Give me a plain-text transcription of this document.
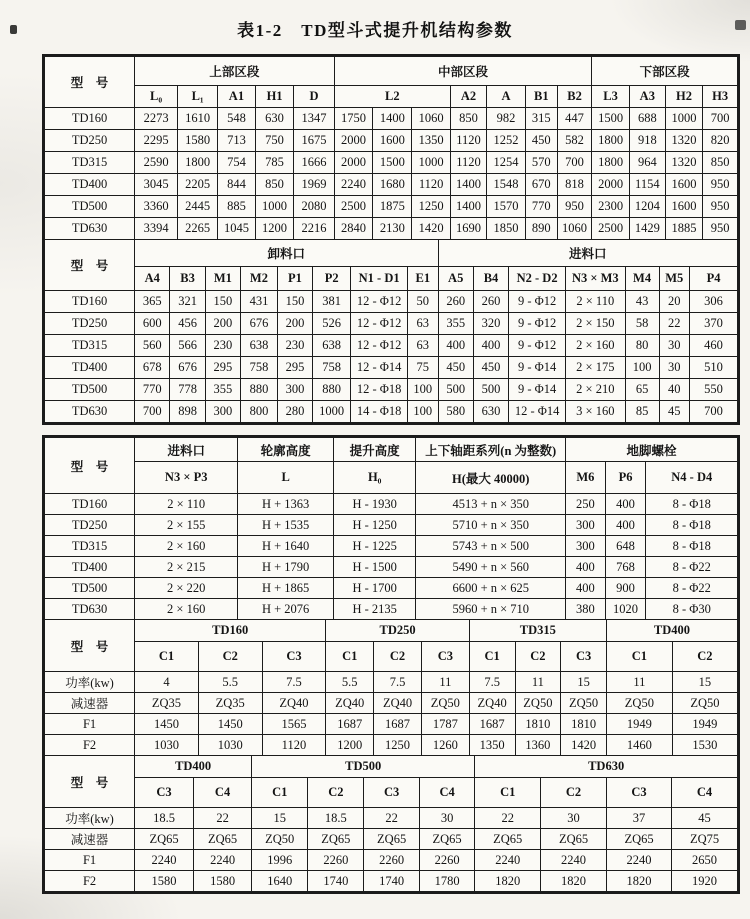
表1-2　TD型斗式提升机结构参数
型　号	上部区段					中部区段							下部区段			
	L₀	L₁	A1	H1	D	L2			A2	A	B1	B2	L3	A3	H2	H3
TD160	2273	1610	548	630	1347	1750	1400	1060	850	982	315	447	1500	688	1000	700
TD250	2295	1580	713	750	1675	2000	1600	1350	1120	1252	450	582	1800	918	1320	820
TD315	2590	1800	754	785	1666	2000	1500	1000	1120	1254	570	700	1800	964	1320	850
TD400	3045	2205	844	850	1969	2240	1680	1120	1400	1548	670	818	2000	1154	1600	950
TD500	3360	2445	885	1000	2080	2500	1875	1250	1400	1570	770	950	2300	1204	1600	950
TD630	3394	2265	1045	1200	2216	2840	2130	1420	1690	1850	890	1060	2500	1429	1885	950
型　号	卸料口								进料口						
	A4	B3	M1	M2	P1	P2	N1 - D1	E1	A5	B4	N2 - D2	N3 × M3	M4	M5	P4
TD160	365	321	150	431	150	381	12 - Φ12	50	260	260	9 - Φ12	2 × 110	43	20	306
TD250	600	456	200	676	200	526	12 - Φ12	63	355	320	9 - Φ12	2 × 150	58	22	370
TD315	560	566	230	638	230	638	12 - Φ12	63	400	400	9 - Φ12	2 × 160	80	30	460
TD400	678	676	295	758	295	758	12 - Φ14	75	450	450	9 - Φ14	2 × 175	100	30	510
TD500	770	778	355	880	300	880	12 - Φ18	100	500	500	9 - Φ14	2 × 210	65	40	550
TD630	700	898	300	800	280	1000	14 - Φ18	100	580	630	12 - Φ14	3 × 160	85	45	700
型　号	进料口	轮廓高度	提升高度	上下轴距系列(n 为整数)	地脚螺栓		
	N3 × P3	L	H₀	H(最大 40000)	M6	P6	N4 - D4
TD160	2 × 110	H + 1363	H - 1930	4513 + n × 350	250	400	8 - Φ18
TD250	2 × 155	H + 1535	H - 1250	5710 + n × 350	300	400	8 - Φ18
TD315	2 × 160	H + 1640	H - 1225	5743 + n × 500	300	648	8 - Φ18
TD400	2 × 215	H + 1790	H - 1500	5490 + n × 560	400	768	8 - Φ22
TD500	2 × 220	H + 1865	H - 1700	6600 + n × 625	400	900	8 - Φ22
TD630	2 × 160	H + 2076	H - 2135	5960 + n × 710	380	1020	8 - Φ30
型　号	TD160			TD250			TD315			TD400	
	C1	C2	C3	C1	C2	C3	C1	C2	C3	C1	C2
功率(kw)	4	5.5	7.5	5.5	7.5	11	7.5	11	15	11	15
减速器	ZQ35	ZQ35	ZQ40	ZQ40	ZQ40	ZQ50	ZQ40	ZQ50	ZQ50	ZQ50	ZQ50
F1	1450	1450	1565	1687	1687	1787	1687	1810	1810	1949	1949
F2	1030	1030	1120	1200	1250	1260	1350	1360	1420	1460	1530
型　号	TD400		TD500				TD630			
	C3	C4	C1	C2	C3	C4	C1	C2	C3	C4
功率(kw)	18.5	22	15	18.5	22	30	22	30	37	45
减速器	ZQ65	ZQ65	ZQ50	ZQ65	ZQ65	ZQ65	ZQ65	ZQ65	ZQ65	ZQ75
F1	2240	2240	1996	2260	2260	2260	2240	2240	2240	2650
F2	1580	1580	1640	1740	1740	1780	1820	1820	1820	1920
